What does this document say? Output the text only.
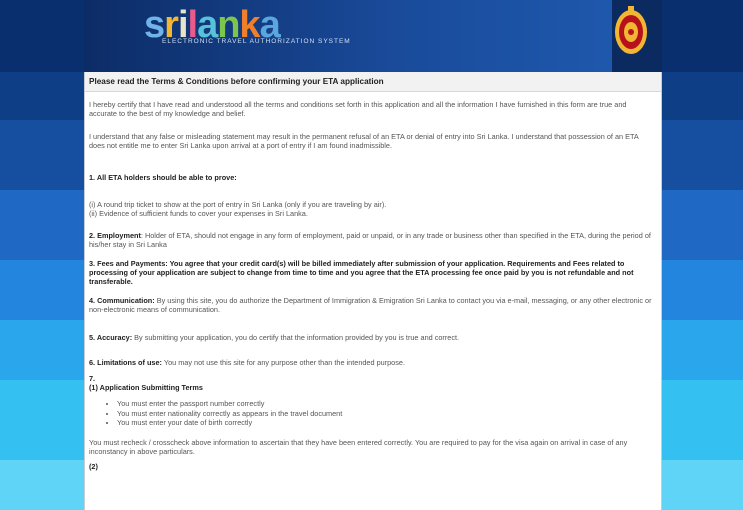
srilanka
ELECTRONIC TRAVEL AUTHORIZATION SYSTEM
Please read the Terms & Conditions before confirming your ETA application

I hereby certify that I have read and understood all the terms and conditions set forth in this application and all the information I have furnished in this form are true and accurate to the best of my knowledge and belief.

I understand that any false or misleading statement may result in the permanent refusal of an ETA or denial of entry into Sri Lanka. I understand that possession of an ETA does not entitle me to enter Sri Lanka upon arrival at a port of entry if I am found inadmissible.

1. All ETA holders should be able to prove:

(i) A round trip ticket to show at the port of entry in Sri Lanka (only if you are traveling by air).

(ii) Evidence of sufficient funds to cover your expenses in Sri Lanka.

2. Employment: Holder of ETA, should not engage in any form of employment, paid or unpaid, or in any trade or business other than specified in the ETA, during the period of his/her stay in Sri Lanka

3. Fees and Payments: You agree that your credit card(s) will be billed immediately after submission of your application. Requirements and Fees related to processing of your application are subject to change from time to time and you agree that the ETA processing fee once paid by you is not refundable and not transferable.

4. Communication: By using this site, you do authorize the Department of Immigration & Emigration Sri Lanka to contact you via e-mail, messaging, or any other electronic or non-electronic means of communication.

5. Accuracy: By submitting your application, you do certify that the information provided by you is true and correct.

6. Limitations of use: You may not use this site for any purpose other than the intended purpose.

7.

(1) Application Submitting Terms

• You must enter the passport number correctly
• You must enter nationality correctly as appears in the travel document
• You must enter your date of birth correctly

You must recheck / crosscheck above information to ascertain that they have been entered correctly. You are required to pay for the visa again on arrival in case of any inconstancy in above particulars.

(2)
